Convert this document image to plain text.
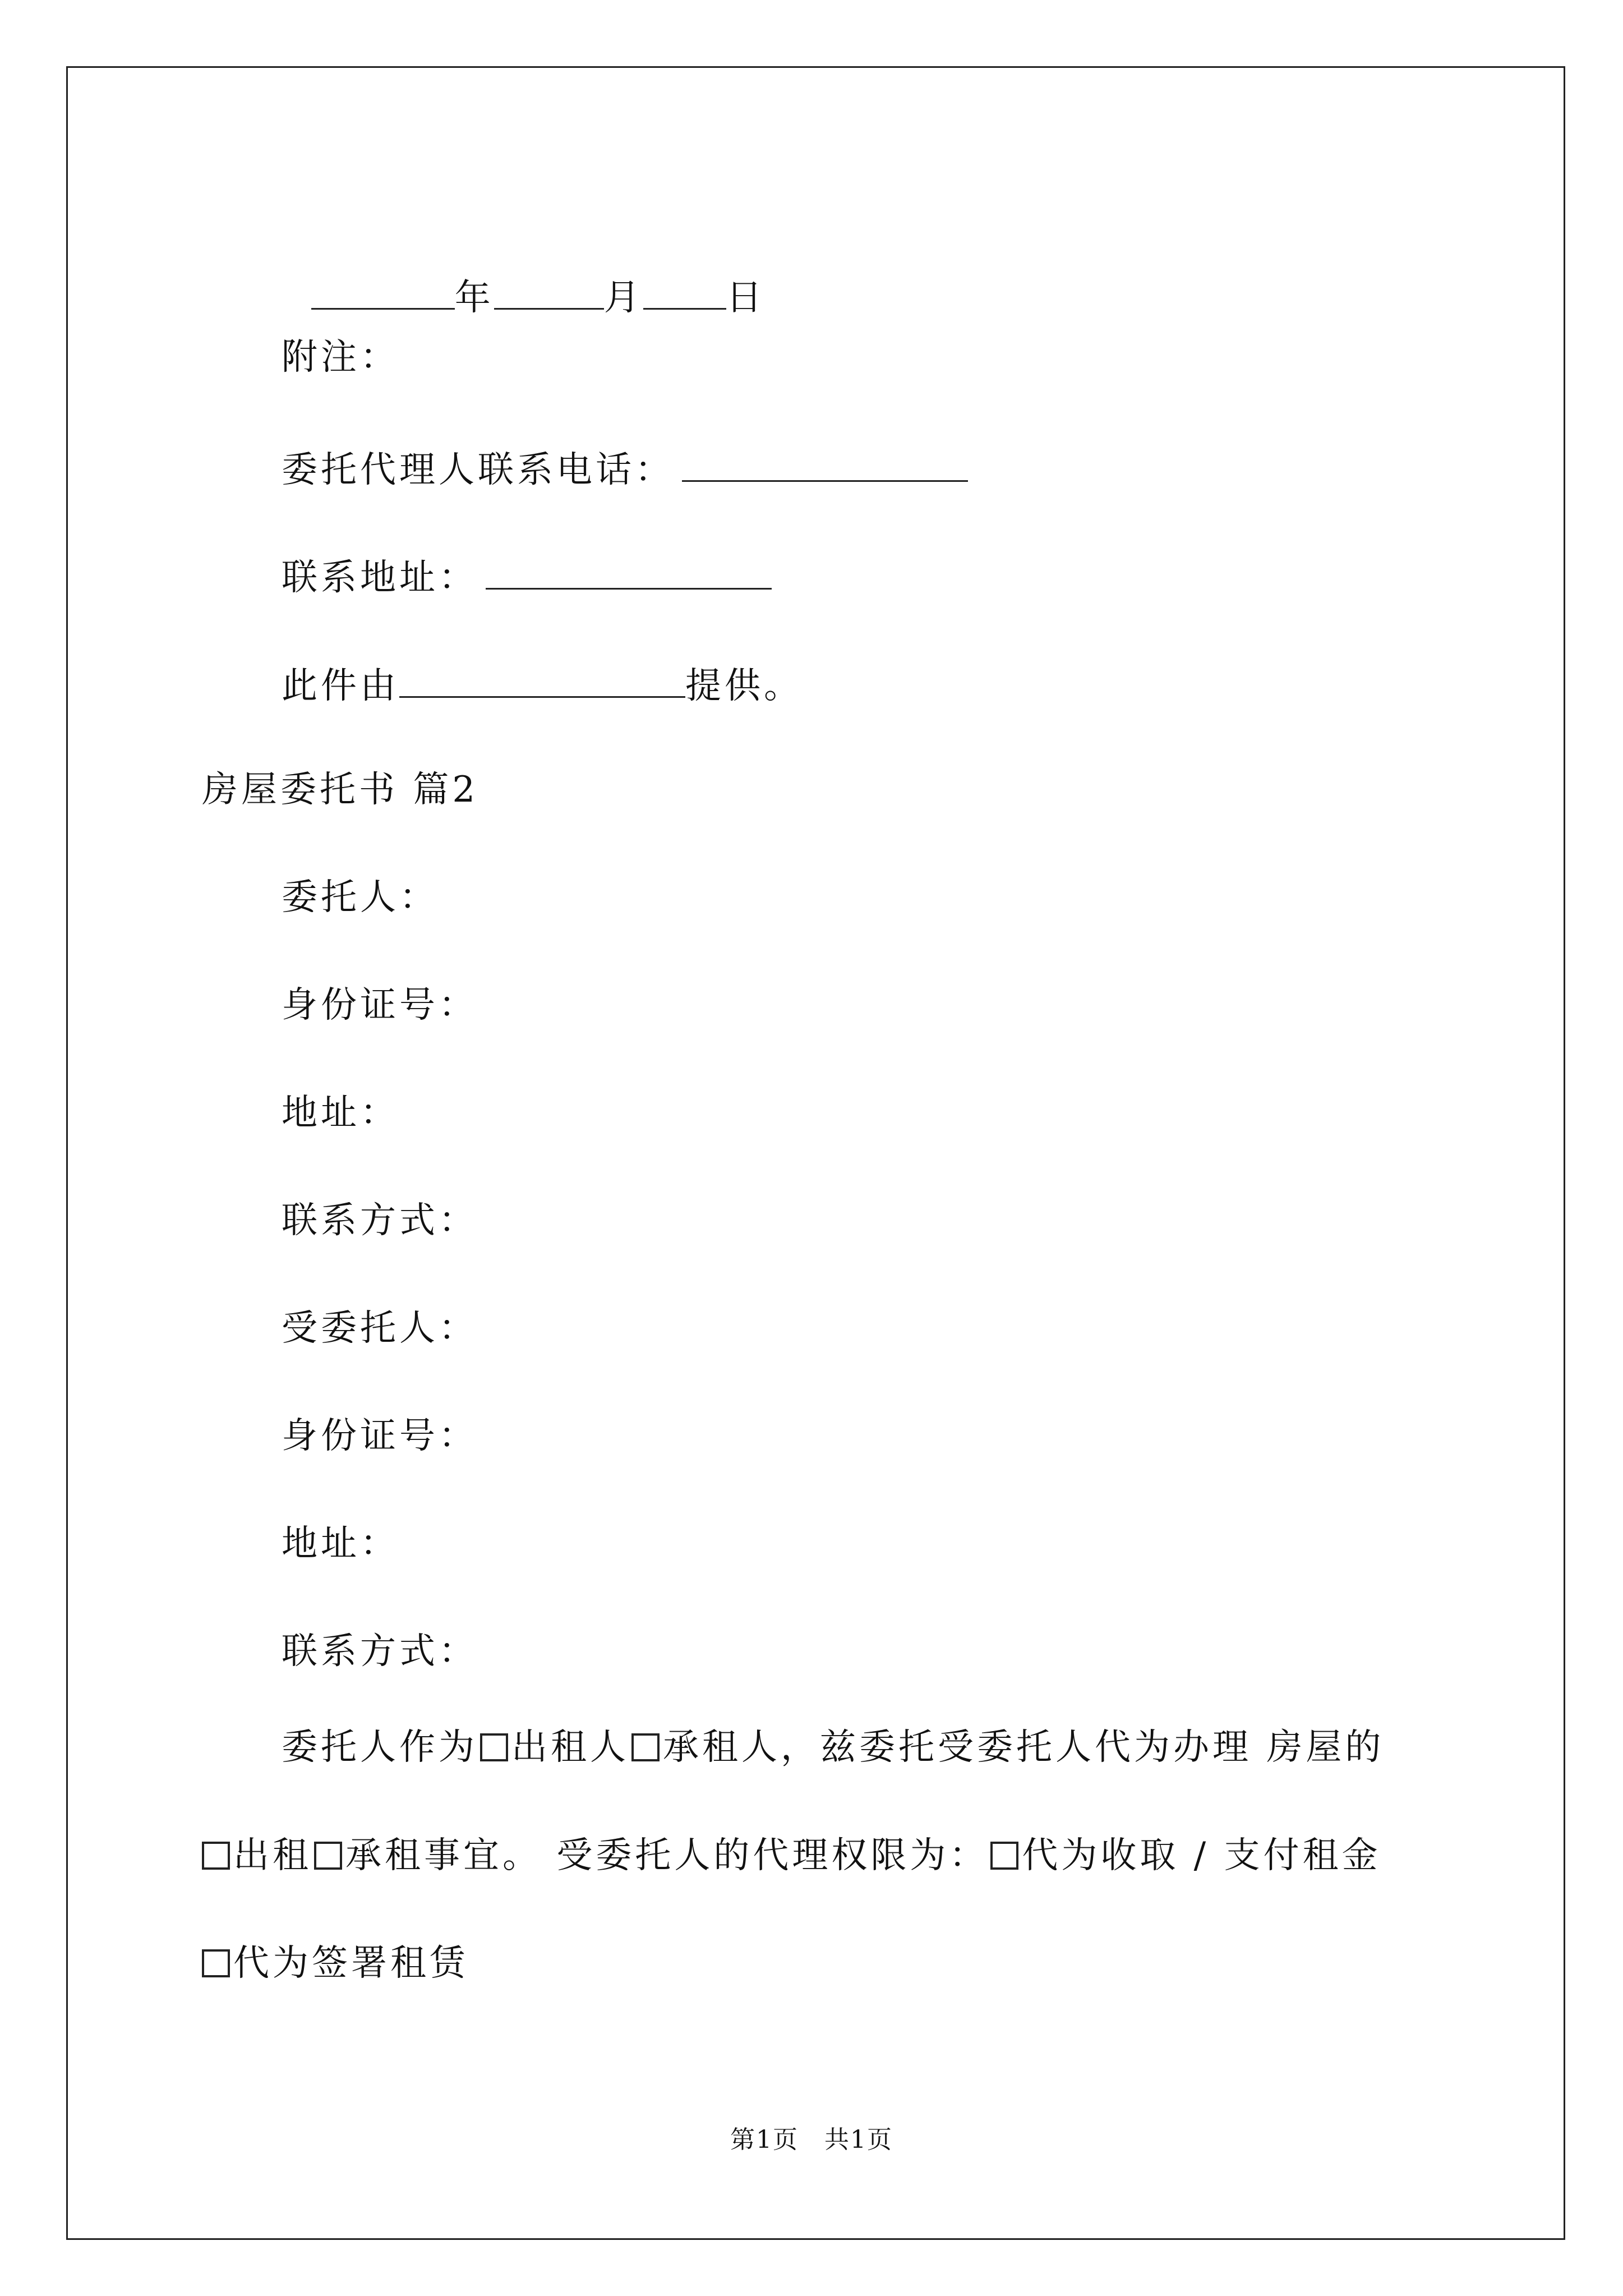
年	月 日

附注：
委托代理人联系电话：
联系地址：
此件由	提供。
房屋委托书 篇2
委托人：
身份证号：
地址：
联系方式：
受委托人：
身份证号：
地址：
联系方式：
委托人作为 出租人 承租人，兹委托受委托人代为办理 房屋的
出租 承租事宜。 受委托人的代理权限为： 代为收取 / 支付租金
代为签署租赁
第1页　共1页
